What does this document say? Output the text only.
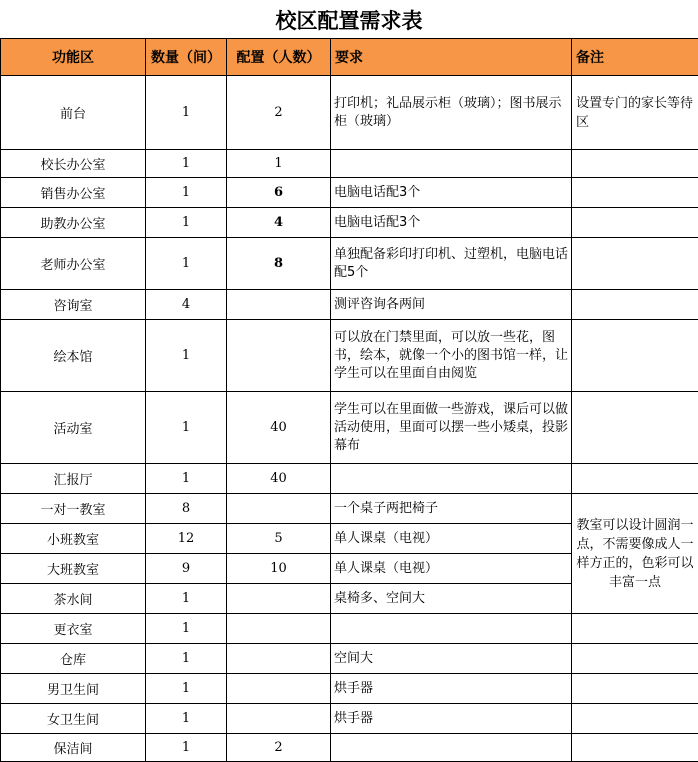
校区配置需求表
功能区	数量（间）	配置（人数）	要求	备注
前台	1	2	打印机；礼品展示柜（玻璃）；图书展示柜（玻璃）	设置专门的家长等待区
校长办公室	1	1		
销售办公室	1	6	电脑电话配3个	
助教办公室	1	4	电脑电话配3个	
老师办公室	1	8	单独配备彩印打印机、过塑机，电脑电话配5个	
咨询室	4		测评咨询各两间	
绘本馆	1		可以放在门禁里面，可以放一些花，图书，绘本，就像一个小的图书馆一样，让学生可以在里面自由阅览	
活动室	1	40	学生可以在里面做一些游戏，课后可以做活动使用，里面可以摆一些小矮桌，投影幕布	
汇报厅	1	40		
一对一教室	8		一个桌子两把椅子	教室可以设计圆润一点，不需要像成人一样方正的，色彩可以丰富一点
小班教室	12	5	单人课桌（电视）	
大班教室	9	10	单人课桌（电视）	
茶水间	1		桌椅多、空间大	
更衣室	1			
仓库	1		空间大	
男卫生间	1		烘手器	
女卫生间	1		烘手器	
保洁间	1	2		
